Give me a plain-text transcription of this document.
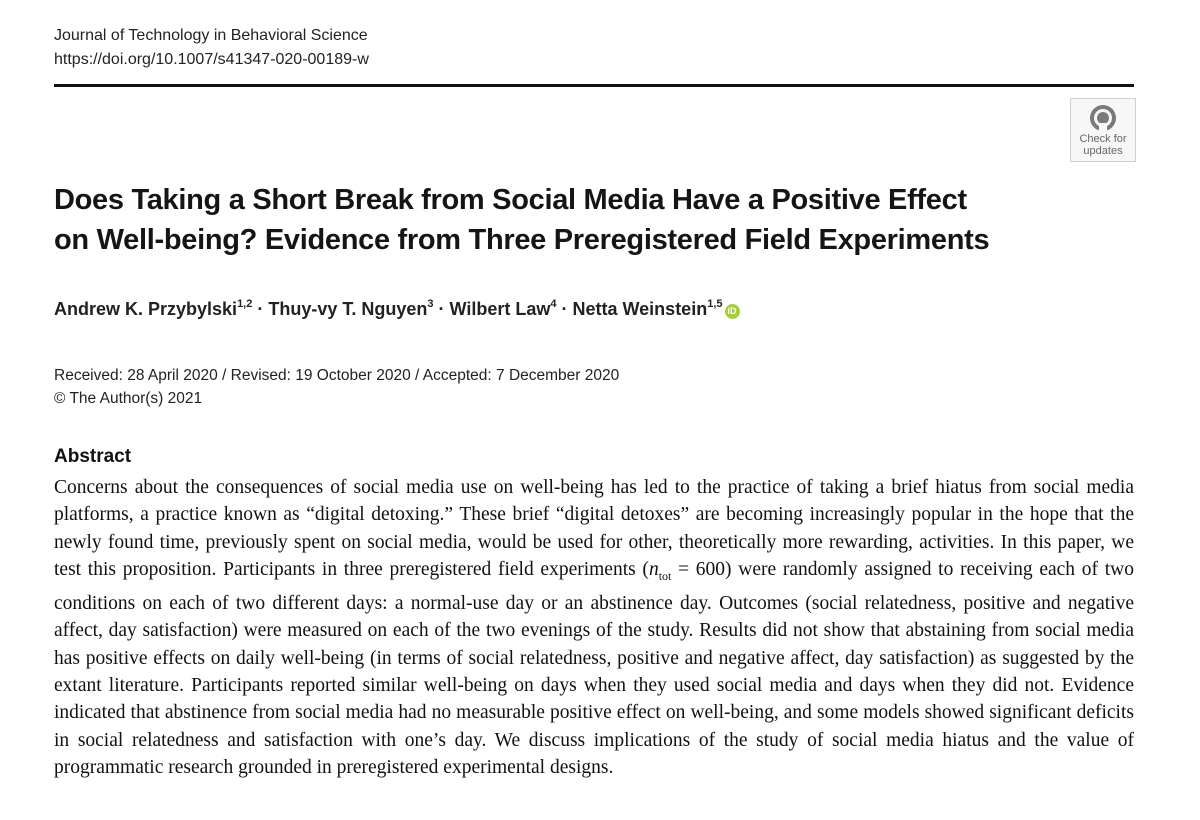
Journal of Technology in Behavioral Science
https://doi.org/10.1007/s41347-020-00189-w
Check for
updates
Does Taking a Short Break from Social Media Have a Positive Effect
on Well-being? Evidence from Three Preregistered Field Experiments
Andrew K. Przybylski$^{1,2}$ · Thuy-vy T. Nguyen$^3$ · Wilbert Law$^4$ · Netta Weinstein$^{1,5}$iD
Received: 28 April 2020 / Revised: 19 October 2020 / Accepted: 7 December 2020
© The Author(s) 2021
Abstract

Concerns about the consequences of social media use on well-being has led to the practice of taking a brief hiatus from social media platforms, a practice known as “digital detoxing.” These brief “digital detoxes” are becoming increasingly popular in the hope that the newly found time, previously spent on social media, would be used for other, theoretically more rewarding, activities. In this paper, we test this proposition. Participants in three preregistered field experiments $(n_{tot} = 600)$ were randomly assigned to receiving each of two conditions on each of two different days: a normal-use day or an abstinence day. Outcomes (social relatedness, positive and negative affect, day satisfaction) were measured on each of the two evenings of the study. Results did not show that abstaining from social media has positive effects on daily well-being (in terms of social relatedness, positive and negative affect, day satisfaction) as suggested by the extant literature. Participants reported similar well-being on days when they used social media and days when they did not. Evidence indicated that abstinence from social media had no measurable positive effect on well-being, and some models showed significant deficits in social relatedness and satisfaction with one’s day. We discuss implications of the study of social media hiatus and the value of programmatic research grounded in preregistered experimental designs.
